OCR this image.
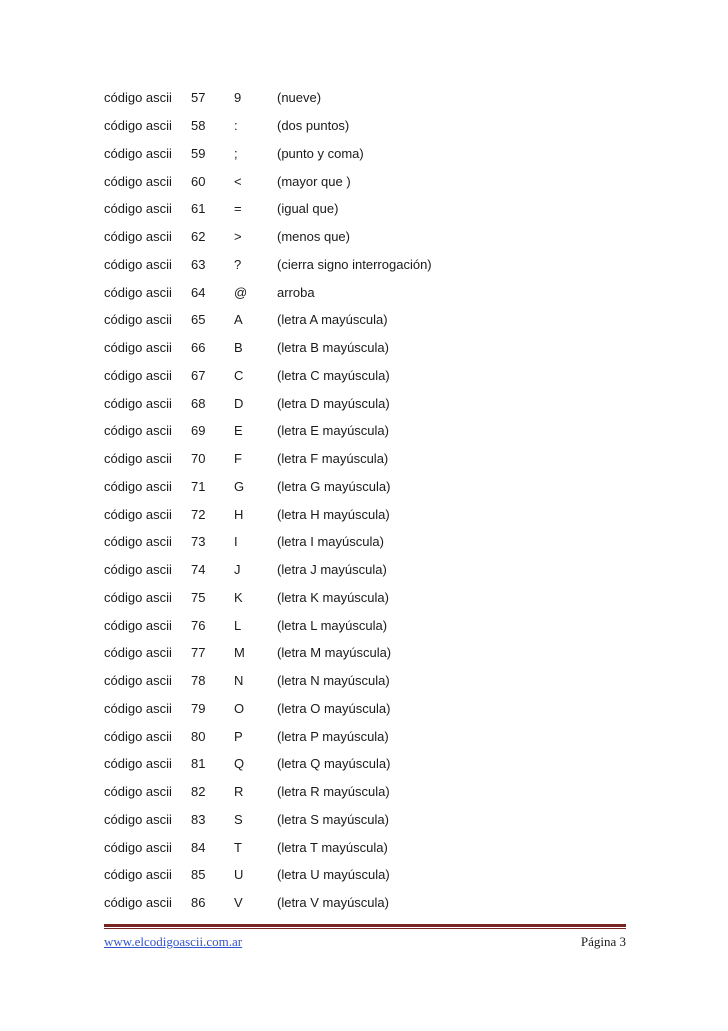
código ascii	57	9	(nueve)
código ascii	58	:	(dos puntos)
código ascii	59	;	(punto y coma)
código ascii	60	<	(mayor que )
código ascii	61	=	(igual que)
código ascii	62	>	(menos que)
código ascii	63	?	(cierra signo interrogación)
código ascii	64	@	arroba
código ascii	65	A	(letra A mayúscula)
código ascii	66	B	(letra B mayúscula)
código ascii	67	C	(letra C mayúscula)
código ascii	68	D	(letra D mayúscula)
código ascii	69	E	(letra E mayúscula)
código ascii	70	F	(letra F mayúscula)
código ascii	71	G	(letra G mayúscula)
código ascii	72	H	(letra H mayúscula)
código ascii	73	I	(letra I mayúscula)
código ascii	74	J	(letra J mayúscula)
código ascii	75	K	(letra K mayúscula)
código ascii	76	L	(letra L mayúscula)
código ascii	77	M	(letra M mayúscula)
código ascii	78	N	(letra N mayúscula)
código ascii	79	O	(letra O mayúscula)
código ascii	80	P	(letra P mayúscula)
código ascii	81	Q	(letra Q mayúscula)
código ascii	82	R	(letra R mayúscula)
código ascii	83	S	(letra S mayúscula)
código ascii	84	T	(letra T mayúscula)
código ascii	85	U	(letra U mayúscula)
código ascii	86	V	(letra V mayúscula)
www.elcodigoascii.com.ar	Página 3
